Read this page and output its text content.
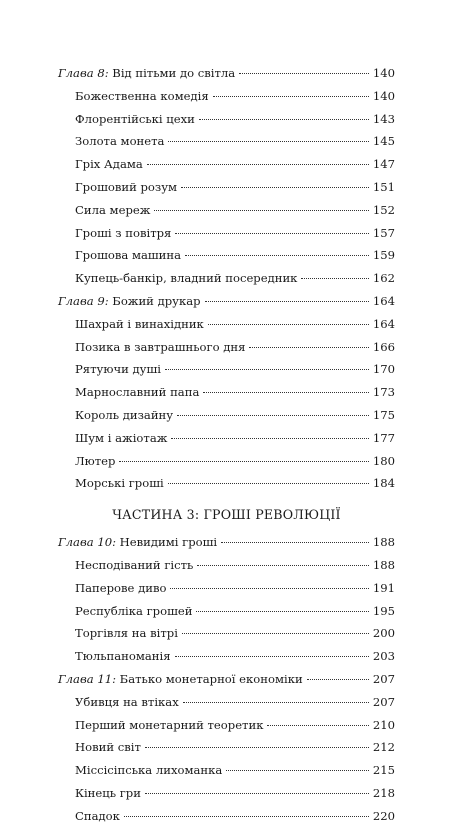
Глава 8: Від пітьми до світла	140
Божественна комедія	140
Флорентійські цехи	143
Золота монета	145
Гріх Адама	147
Грошовий розум	151
Сила мереж	152
Гроші з повітря	157
Грошова машина	159
Купець-банкір, владний посередник	162
Глава 9: Божий друкар	164
Шахрай і винахідник	164
Позика в завтрашнього дня	166
Рятуючи душі	170
Марнославний папа	173
Король дизайну	175
Шум і ажіотаж	177
Лютер	180
Морські гроші	184
ЧАСТИНА 3: ГРОШІ РЕВОЛЮЦІЇ
Глава 10: Невидимі гроші	188
Несподіваний гість	188
Паперове диво	191
Республіка грошей	195
Торгівля на вітрі	200
Тюльпаноманія	203
Глава 11: Батько монетарної економіки	207
Убивця на втіках	207
Перший монетарний теоретик	210
Новий світ	212
Міссісіпська лихоманка	215
Кінець гри	218
Спадок	220
